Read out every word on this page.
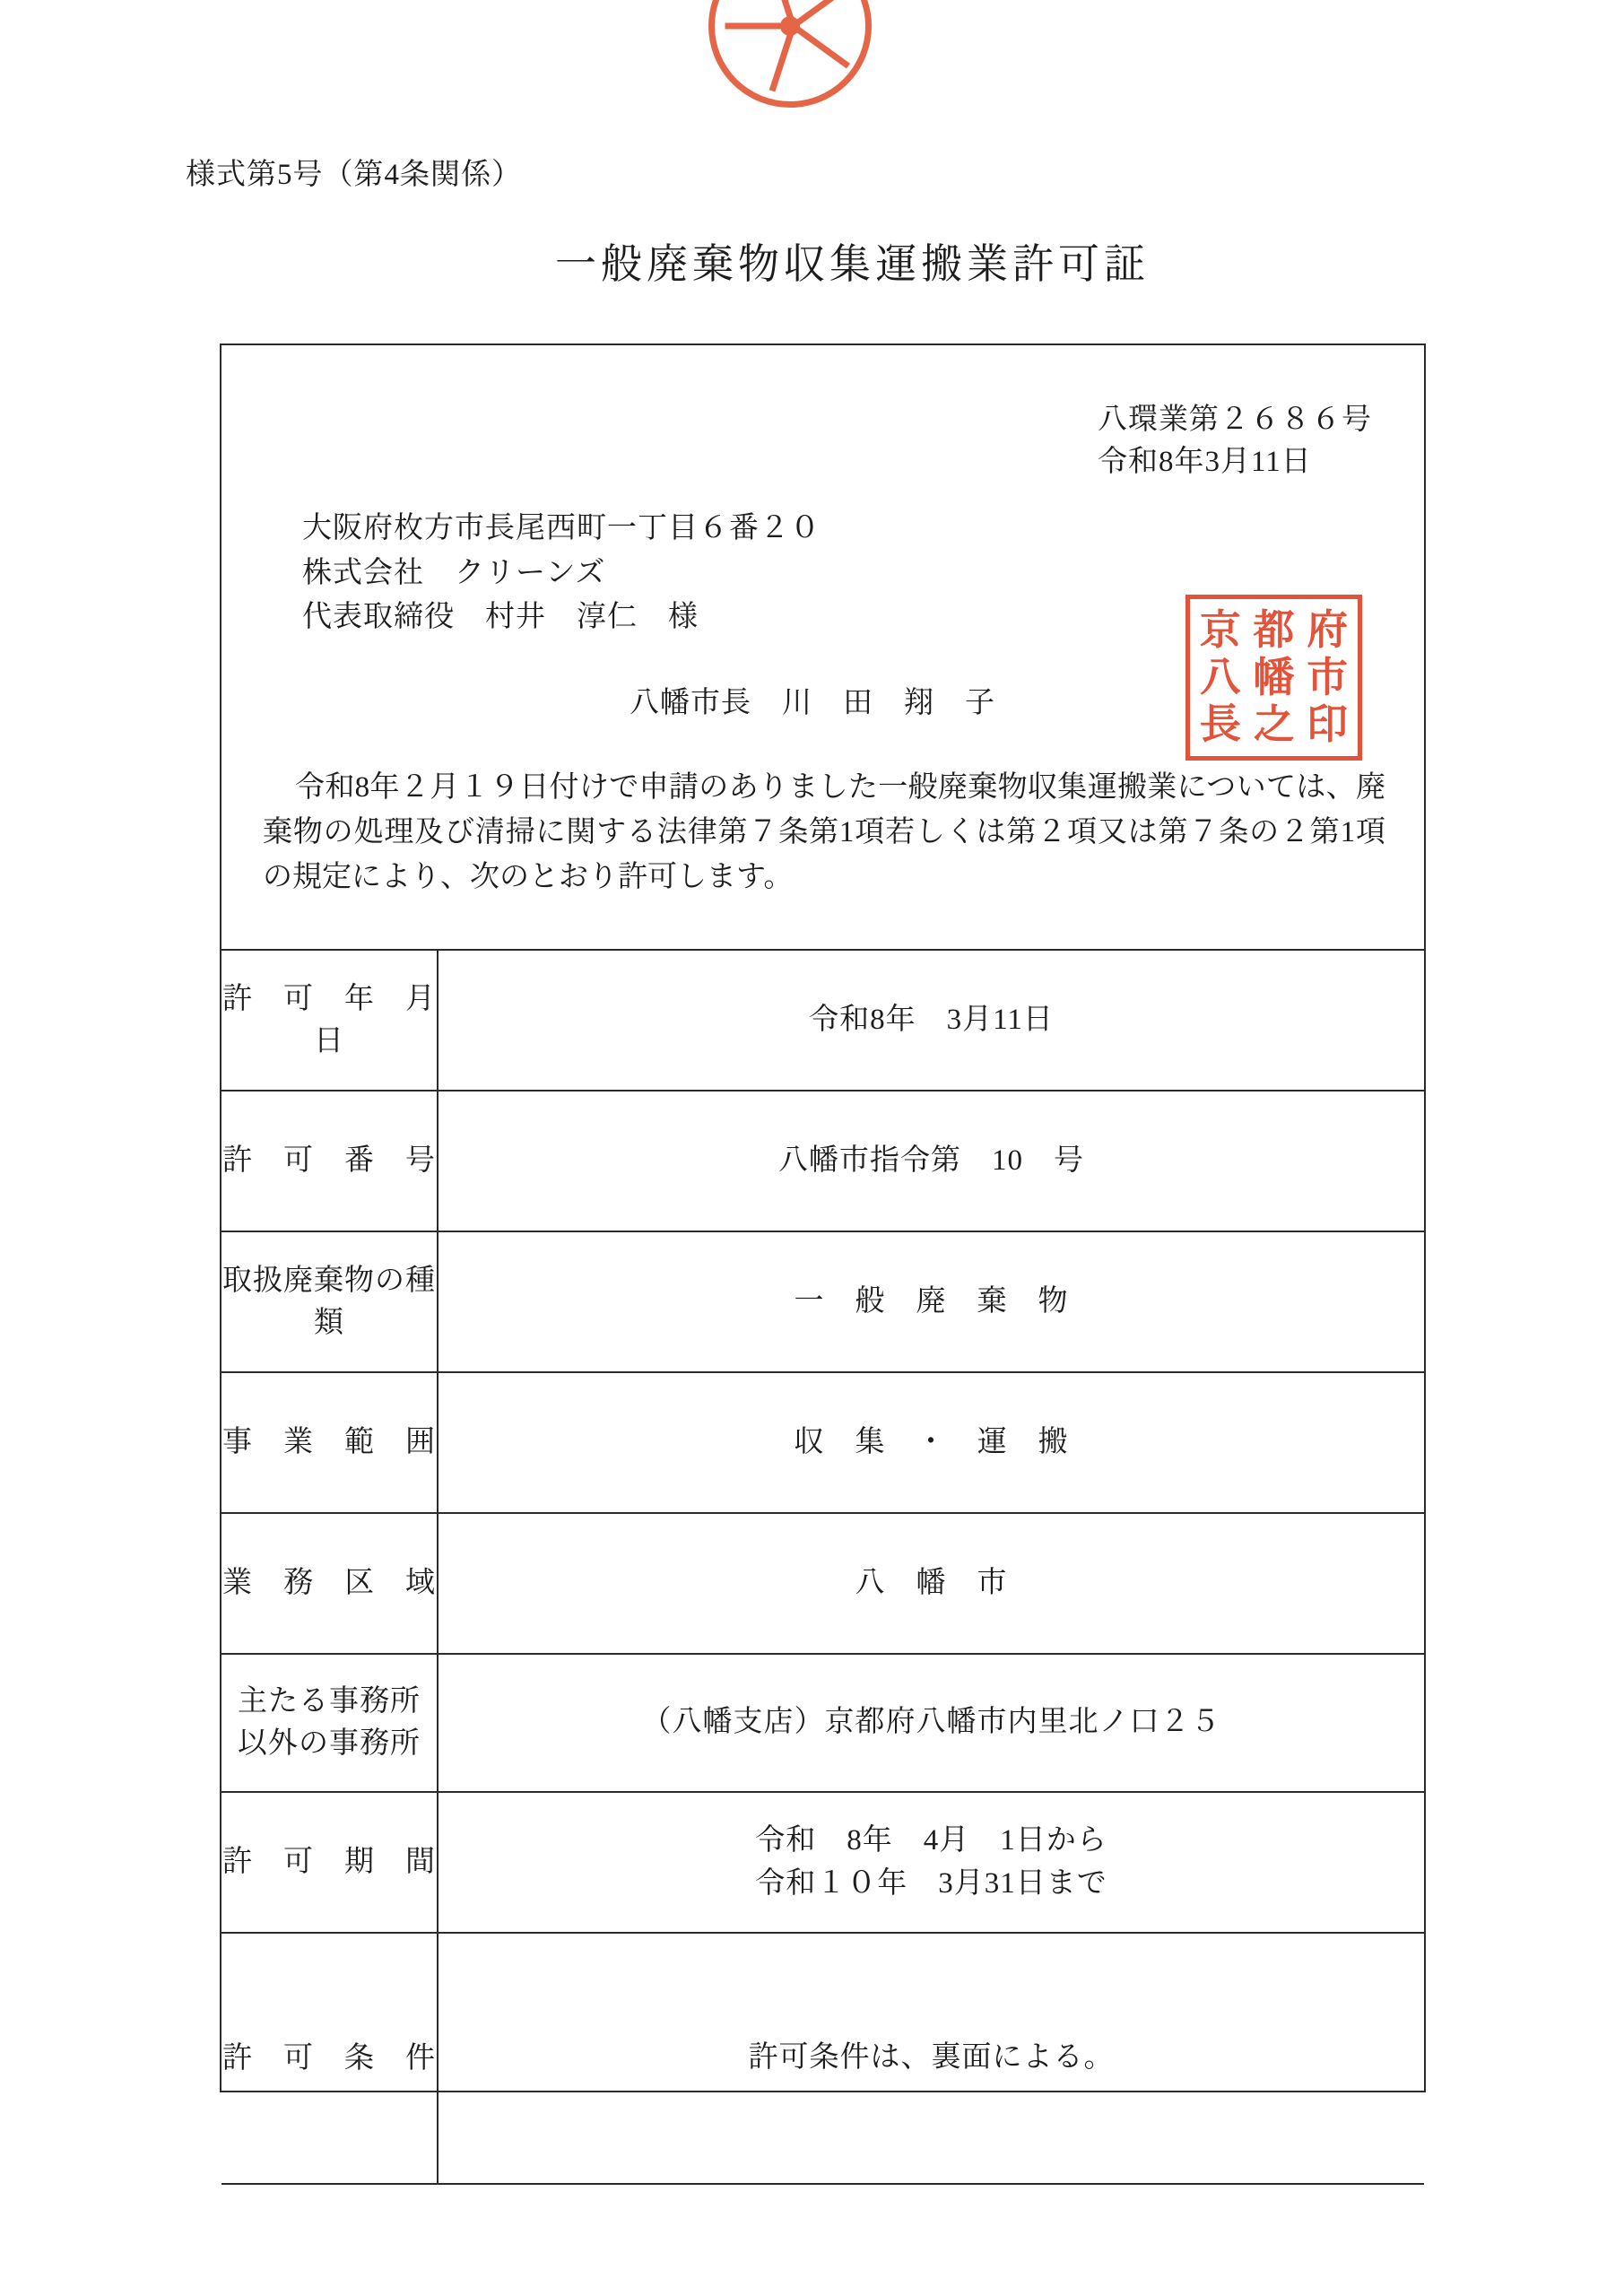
様式第5号（第4条関係）
一般廃棄物収集運搬業許可証
八環業第２６８６号
令和8年3月11日
大阪府枚方市長尾西町一丁目６番２０
株式会社　クリーンズ
代表取締役　村井　淳仁　様
八幡市長　川　田　翔　子
京
八
長
都
幡
之
府
市
印
令和8年２月１９日付けで申請のありました一般廃棄物収集運搬業については、廃棄物の処理及び清掃に関する法律第７条第1項若しくは第２項又は第７条の２第1項の規定により、次のとおり許可します。
許　可　年　月　日	令和8年　3月11日
許　可　番　号	八幡市指令第　10　号
取扱廃棄物の種類	一　般　廃　棄　物
事　業　範　囲	収　集　・　運　搬
業　務　区　域	八　幡　市

主たる事務所
以外の事務所	（八幡支店）京都府八幡市内里北ノ口２５
許　可　期　間	令和　8年　4月　1日から
令和１０年　3月31日まで

許　可　条　件	許可条件は、裏面による。
